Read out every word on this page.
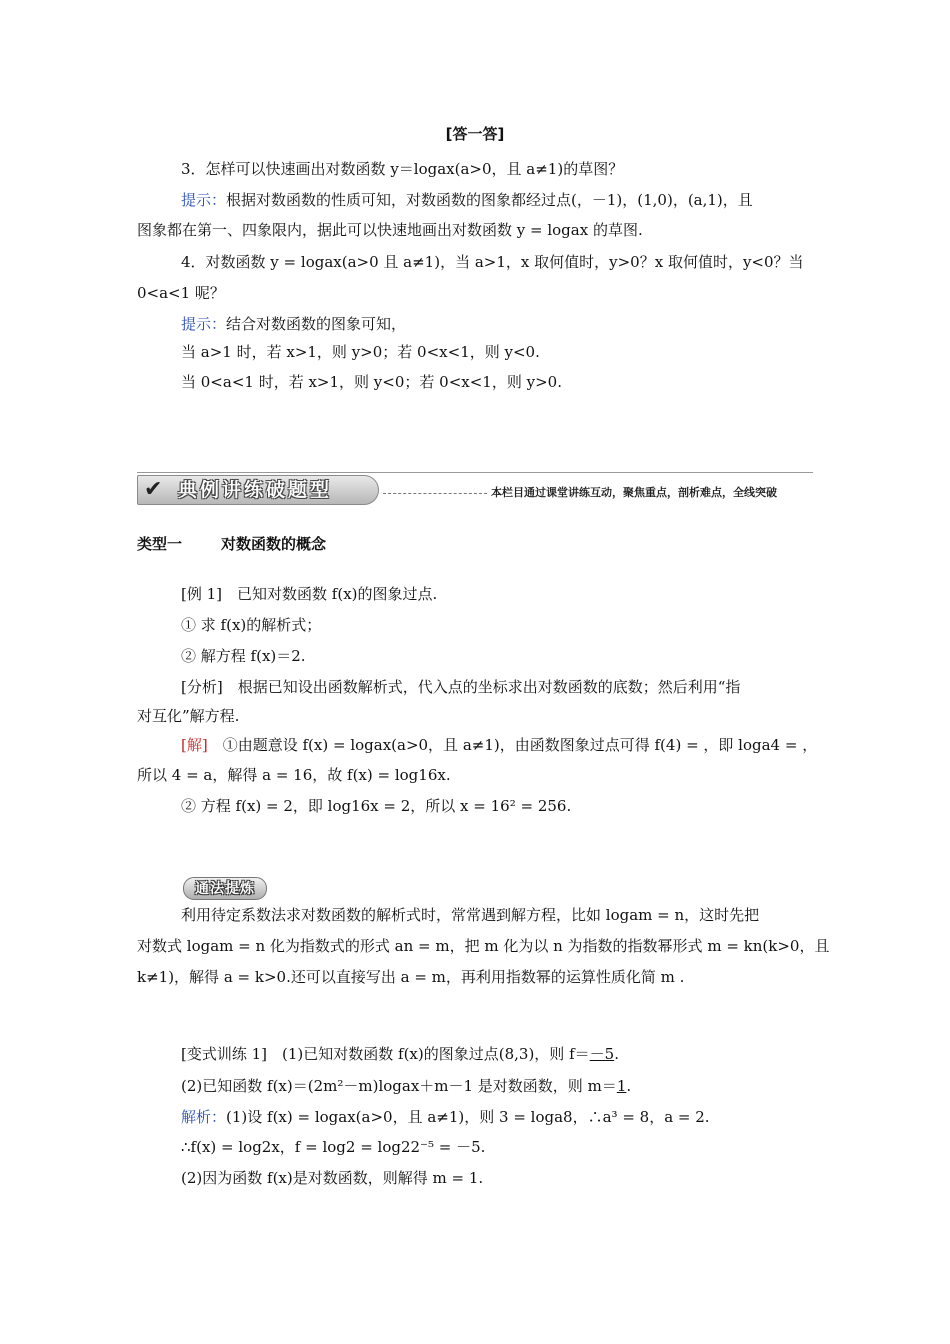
[答一答]
3．怎样可以快速画出对数函数 y＝logax(a>0，且 a≠1)的草图？
提示：根据对数函数的性质可知，对数函数的图象都经过点(，－1)，(1,0)，(a,1)，且
图象都在第一、四象限内，据此可以快速地画出对数函数 y = logax 的草图.
4．对数函数 y = logax(a>0 且 a≠1)，当 a>1，x 取何值时，y>0？x 取何值时，y<0？当
0<a<1 呢？
提示：结合对数函数的图象可知，
当 a>1 时，若 x>1，则 y>0；若 0<x<1，则 y<0.
当 0<a<1 时，若 x>1，则 y<0；若 0<x<1，则 y>0.
✔ 典例讲练破题型	本栏目通过课堂讲练互动，聚焦重点，剖析难点，全线突破
类型一	对数函数的概念
[例 1]　已知对数函数 f(x)的图象过点.
① 求 f(x)的解析式；
② 解方程 f(x)＝2.
[分析]　 根据已知设出函数解析式，代入点的坐标求出对数函数的底数；然后利用“指
对互化”解方程.
[解]　 ①由题意设 f(x) = logax(a>0，且 a≠1)，由函数图象过点可得 f(4) = ，即 loga4 = ，
所以 4 = a，解得 a = 16，故 f(x) = log16x.
② 方程 f(x) = 2，即 log16x = 2，所以 x = 16² = 256.
通法提炼
利用待定系数法求对数函数的解析式时，常常遇到解方程，比如 logam = n，这时先把
对数式 logam = n 化为指数式的形式 an = m，把 m 化为以 n 为指数的指数幂形式 m = kn(k>0，且
k≠1)，解得 a = k>0.还可以直接写出 a = m，再利用指数幂的运算性质化简 m .
[变式训练 1]　(1)已知对数函数 f(x)的图象过点(8,3)，则 f＝－5.
(2)已知函数 f(x)＝(2m²－m)logax＋m－1 是对数函数，则 m＝1.
解析：(1)设 f(x) = logax(a>0，且 a≠1)，则 3 = loga8，∴a³ = 8，a = 2.
∴f(x) = log2x，f = log2 = log22⁻⁵ = －5.
(2)因为函数 f(x)是对数函数，则解得 m = 1.
